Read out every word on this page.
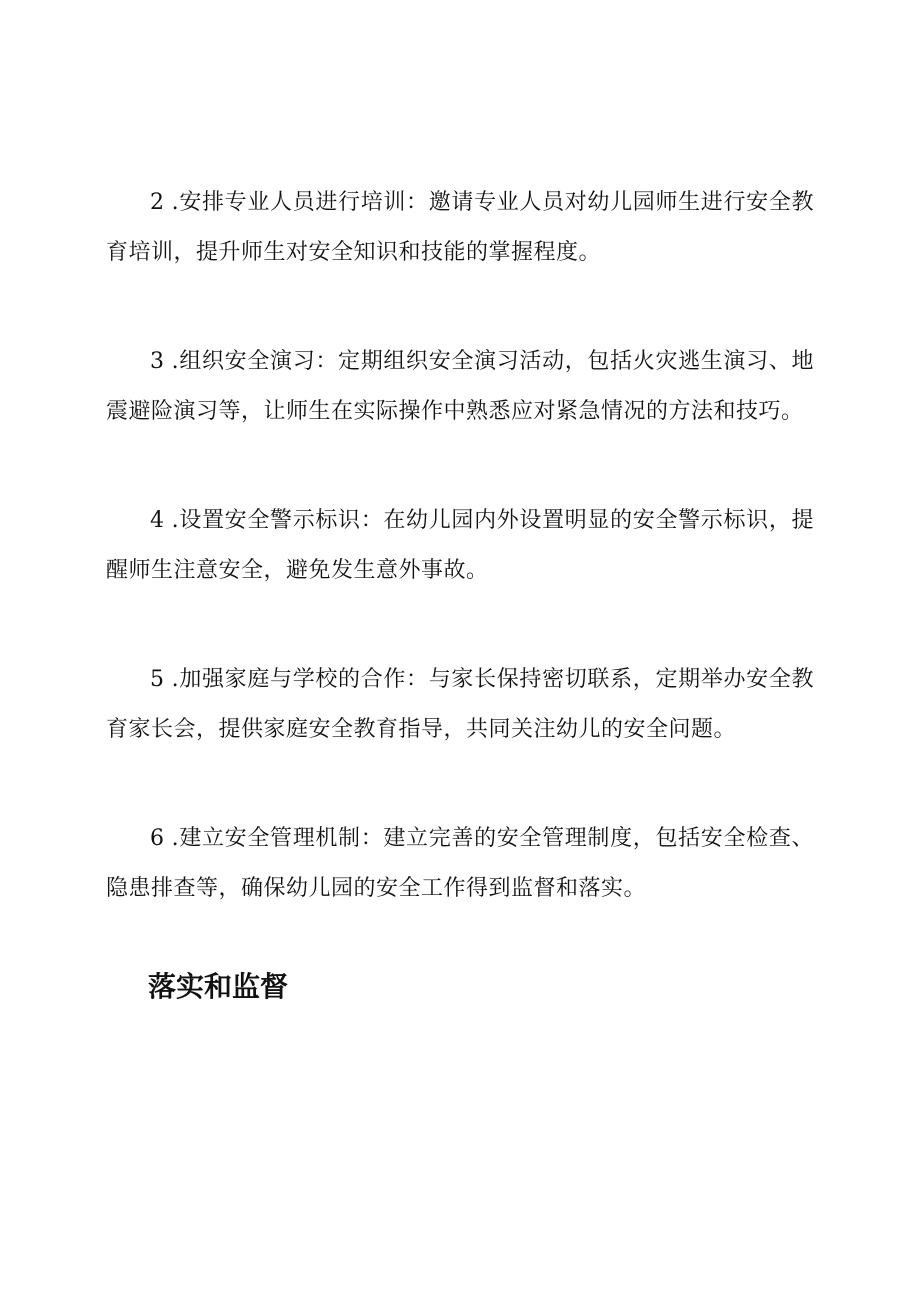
2 .安排专业人员进行培训：邀请专业人员对幼儿园师生进行安全教育培训，提升师生对安全知识和技能的掌握程度。

3 .组织安全演习：定期组织安全演习活动，包括火灾逃生演习、地震避险演习等，让师生在实际操作中熟悉应对紧急情况的方法和技巧。

4 .设置安全警示标识：在幼儿园内外设置明显的安全警示标识，提醒师生注意安全，避免发生意外事故。

5 .加强家庭与学校的合作：与家长保持密切联系，定期举办安全教育家长会，提供家庭安全教育指导，共同关注幼儿的安全问题。

6 .建立安全管理机制：建立完善的安全管理制度，包括安全检查、隐患排查等，确保幼儿园的安全工作得到监督和落实。

落实和监督
